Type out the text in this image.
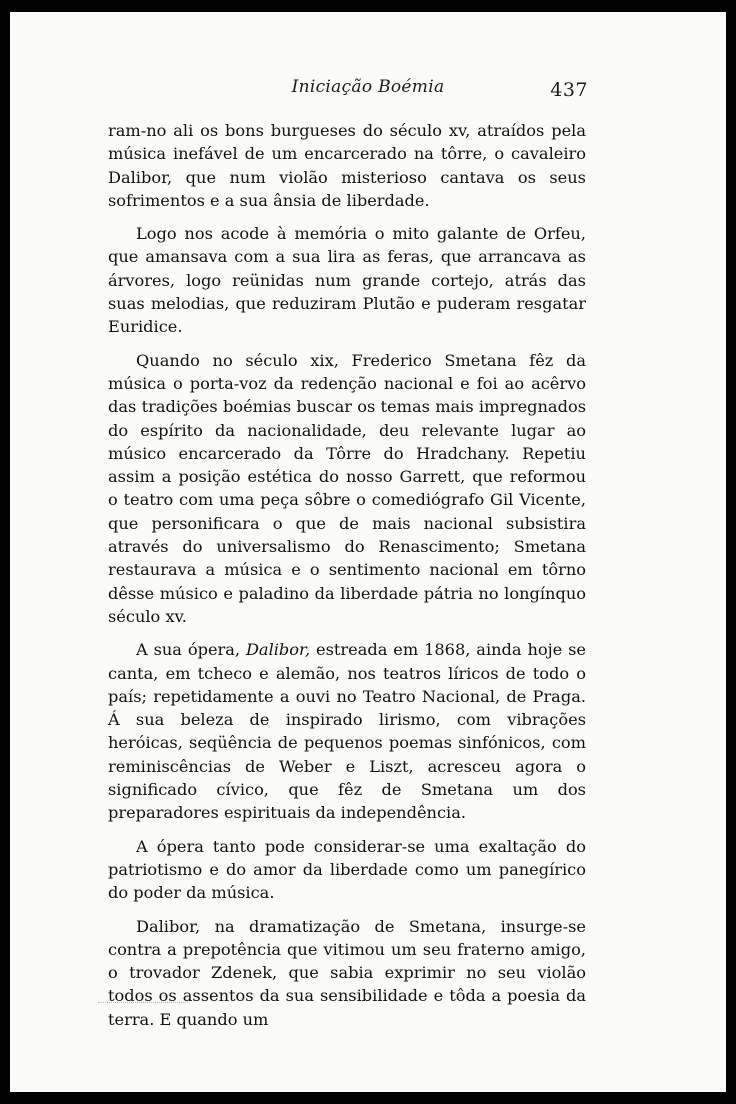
Iniciação Boémia	437

ram-no ali os bons burgueses do século xv, atraídos pela música inefável de um encarcerado na tôrre, o cavaleiro Dalibor, que num violão misterioso cantava os seus sofrimentos e a sua ânsia de liberdade.

Logo nos acode à memória o mito galante de Orfeu, que amansava com a sua lira as feras, que arrancava as árvores, logo reünidas num grande cortejo, atrás das suas melodias, que reduziram Plutão e puderam resgatar Euridice.

Quando no século xix, Frederico Smetana fêz da música o porta-voz da redenção nacional e foi ao acêrvo das tradições boémias buscar os temas mais impregnados do espírito da nacionalidade, deu relevante lugar ao músico encarcerado da Tôrre do Hradchany. Repetiu assim a posição estética do nosso Garrett, que reformou o teatro com uma peça sôbre o comediógrafo Gil Vicente, que personificara o que de mais nacional subsistira através do universalismo do Renascimento; Smetana restaurava a música e o sentimento nacional em tôrno dêsse músico e paladino da liberdade pátria no longínquo século xv.

A sua ópera, Dalibor, estreada em 1868, ainda hoje se canta, em tcheco e alemão, nos teatros líricos de todo o país; repetidamente a ouvi no Teatro Nacional, de Praga. Á sua beleza de inspirado lirismo, com vibrações heróicas, seqüência de pequenos poemas sinfónicos, com reminiscências de Weber e Liszt, acresceu agora o significado cívico, que fêz de Smetana um dos preparadores espirituais da independência.

A ópera tanto pode considerar-se uma exaltação do patriotismo e do amor da liberdade como um panegírico do poder da música.

Dalibor, na dramatização de Smetana, insurge-se contra a prepotência que vitimou um seu fraterno amigo, o trovador Zdenek, que sabia exprimir no seu violão todos os assentos da sua sensibilidade e tôda a poesia da terra. E quando um
